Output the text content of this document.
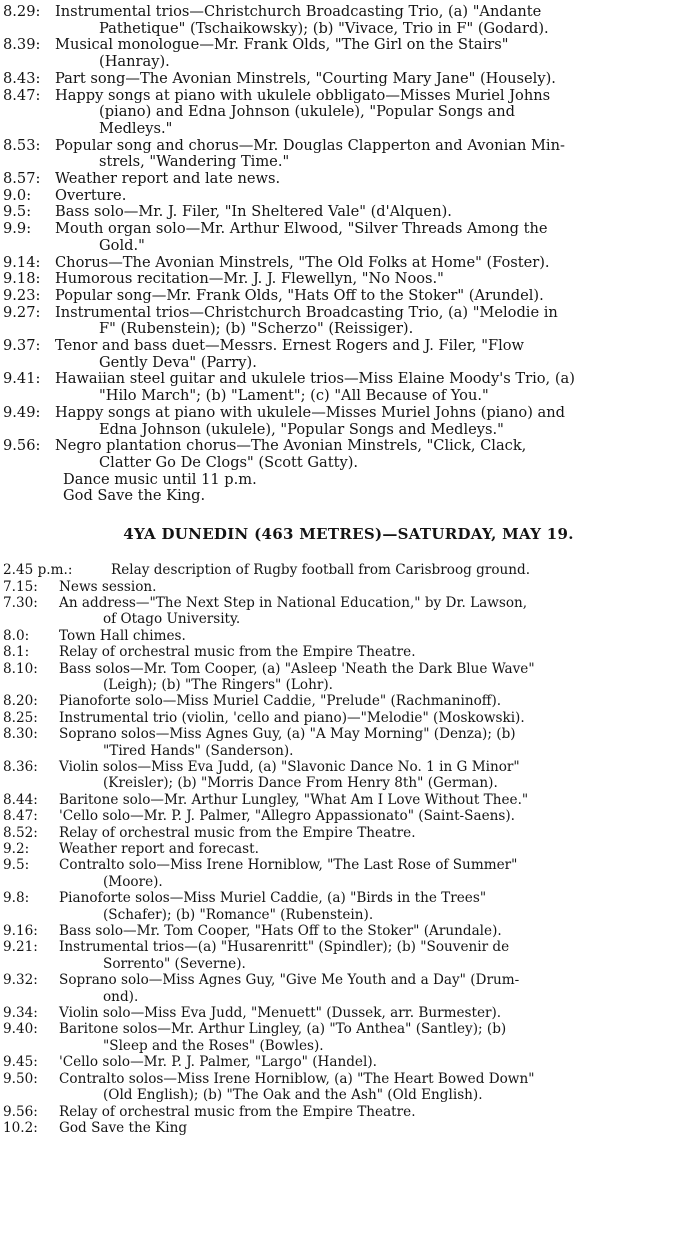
8.29: Instrumental trios—Christchurch Broadcasting Trio, (a) "Andante
Pathetique" (Tschaikowsky); (b) "Vivace, Trio in F" (Godard).
8.39: Musical monologue—Mr. Frank Olds, "The Girl on the Stairs"
(Hanray).
8.43: Part song—The Avonian Minstrels, "Courting Mary Jane" (Housely).
8.47: Happy songs at piano with ukulele obbligato—Misses Muriel Johns
(piano) and Edna Johnson (ukulele), "Popular Songs and
Medleys."
8.53: Popular song and chorus—Mr. Douglas Clapperton and Avonian Min-
strels, "Wandering Time."
8.57: Weather report and late news.
9.0:	Overture.
9.5:	Bass solo—Mr. J. Filer, "In Sheltered Vale" (d'Alquen).
9.9:	Mouth organ solo—Mr. Arthur Elwood, "Silver Threads Among the
Gold."
9.14: Chorus—The Avonian Minstrels, "The Old Folks at Home" (Foster).
9.18: Humorous recitation—Mr. J. J. Flewellyn, "No Noos."
9.23: Popular song—Mr. Frank Olds, "Hats Off to the Stoker" (Arundel).
9.27: Instrumental trios—Christchurch Broadcasting Trio, (a) "Melodie in
F" (Rubenstein); (b) "Scherzo" (Reissiger).
9.37: Tenor and bass duet—Messrs. Ernest Rogers and J. Filer, "Flow
Gently Deva" (Parry).
9.41: Hawaiian steel guitar and ukulele trios—Miss Elaine Moody's Trio, (a)
"Hilo March"; (b) "Lament"; (c) "All Because of You."
9.49: Happy songs at piano with ukulele—Misses Muriel Johns (piano) and
Edna Johnson (ukulele), "Popular Songs and Medleys."
9.56: Negro plantation chorus—The Avonian Minstrels, "Click, Clack,
Clatter Go De Clogs" (Scott Gatty).
Dance music until 11 p.m.
God Save the King.
4YA DUNEDIN (463 METRES)—SATURDAY, MAY 19.
2.45 p.m.:	Relay description of Rugby football from Carisbroog ground.
7.15:	News session.
7.30:	An address—"The Next Step in National Education," by Dr. Lawson,
of Otago University.
8.0:	Town Hall chimes.
8.1:	Relay of orchestral music from the Empire Theatre.
8.10:	Bass solos—Mr. Tom Cooper, (a) "Asleep 'Neath the Dark Blue Wave"
(Leigh); (b) "The Ringers" (Lohr).
8.20:	Pianoforte solo—Miss Muriel Caddie, "Prelude" (Rachmaninoff).
8.25:	Instrumental trio (violin, 'cello and piano)—"Melodie" (Moskowski).
8.30:	Soprano solos—Miss Agnes Guy, (a) "A May Morning" (Denza); (b)
"Tired Hands" (Sanderson).
8.36:	Violin solos—Miss Eva Judd, (a) "Slavonic Dance No. 1 in G Minor"
(Kreisler); (b) "Morris Dance From Henry 8th" (German).
8.44:	Baritone solo—Mr. Arthur Lungley, "What Am I Love Without Thee."
8.47:	'Cello solo—Mr. P. J. Palmer, "Allegro Appassionato" (Saint-Saens).
8.52:	Relay of orchestral music from the Empire Theatre.
9.2:	Weather report and forecast.
9.5:	Contralto solo—Miss Irene Horniblow, "The Last Rose of Summer"
(Moore).
9.8:	Pianoforte solos—Miss Muriel Caddie, (a) "Birds in the Trees"
(Schafer); (b) "Romance" (Rubenstein).
9.16:	Bass solo—Mr. Tom Cooper, "Hats Off to the Stoker" (Arundale).
9.21:	Instrumental trios—(a) "Husarenritt" (Spindler); (b) "Souvenir de
Sorrento" (Severne).
9.32:	Soprano solo—Miss Agnes Guy, "Give Me Youth and a Day" (Drum-
ond).
9.34:	Violin solo—Miss Eva Judd, "Menuett" (Dussek, arr. Burmester).
9.40:	Baritone solos—Mr. Arthur Lingley, (a) "To Anthea" (Santley); (b)
"Sleep and the Roses" (Bowles).
9.45:	'Cello solo—Mr. P. J. Palmer, "Largo" (Handel).
9.50:	Contralto solos—Miss Irene Horniblow, (a) "The Heart Bowed Down"
(Old English); (b) "The Oak and the Ash" (Old English).
9.56:	Relay of orchestral music from the Empire Theatre.
10.2:	God Save the King
